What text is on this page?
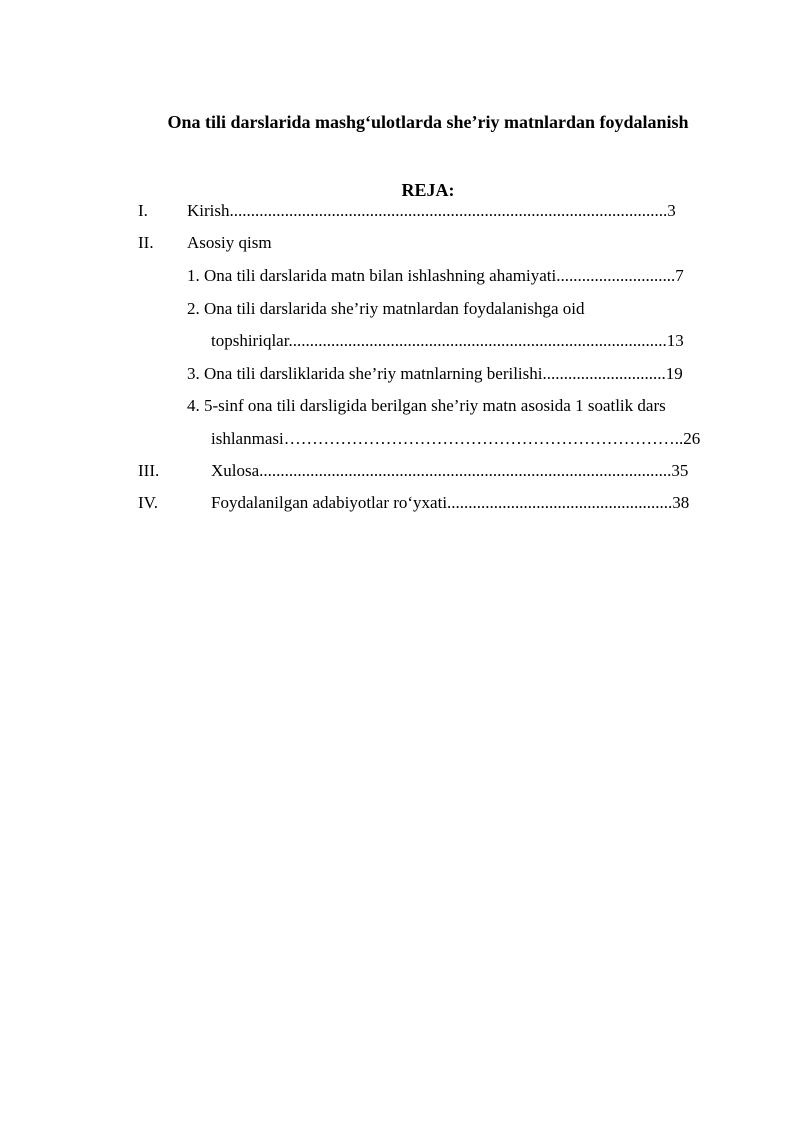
Ona tili darslarida mashg‘ulotlarda she’riy matnlardan foydalanish
REJA:
I. Kirish.......................................................................................................3
II. Asosiy qism
1. Ona tili darslarida matn bilan ishlashning ahamiyati............................7
2. Ona tili darslarida she’riy matnlardan foydalanishga oid
topshiriqlar.........................................................................................13
3. Ona tili darsliklarida she’riy matnlarning berilishi.............................19
4. 5-sinf ona tili darsligida berilgan she’riy matn asosida 1 soatlik dars
ishlanmasi……………………………………………………………..26
III.	Xulosa.................................................................................................35
IV.	Foydalanilgan adabiyotlar ro‘yxati.....................................................38
